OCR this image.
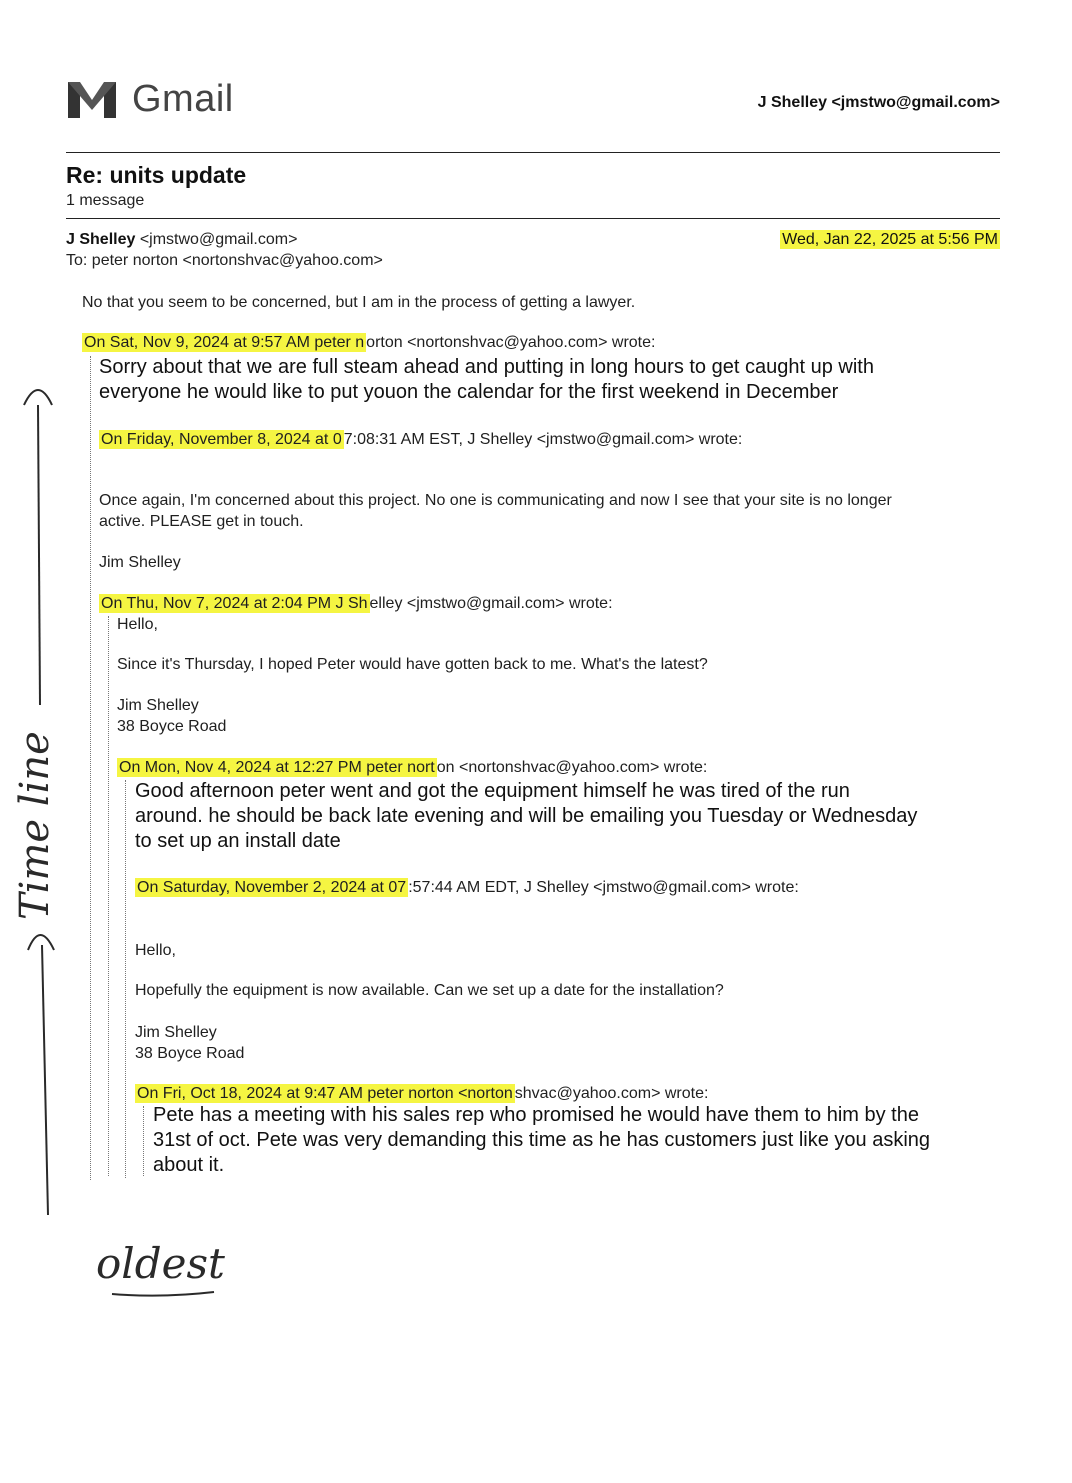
Gmail	J Shelley <jmstwo@gmail.com>
Re: units update
1 message
J Shelley <jmstwo@gmail.com>
To: peter norton <nortonshvac@yahoo.com>
Wed, Jan 22, 2025 at 5:56 PM
No that you seem to be concerned, but I am in the process of getting a lawyer.
On Sat, Nov 9, 2024 at 9:57 AM peter n orton <nortonshvac@yahoo.com> wrote:
Sorry about that we are full steam ahead and putting in long hours to get caught up with
everyone he would like to put youon the calendar for the first weekend in December
On Friday, November 8, 2024 at 0 7:08:31 AM EST, J Shelley <jmstwo@gmail.com> wrote:
Once again, I'm concerned about this project. No one is communicating and now I see that your site is no longer
active. PLEASE get in touch.
Jim Shelley
On Thu, Nov 7, 2024 at 2:04 PM J Sh elley <jmstwo@gmail.com> wrote:
Hello,
Since it's Thursday, I hoped Peter would have gotten back to me. What's the latest?
Jim Shelley
38 Boyce Road
On Mon, Nov 4, 2024 at 12:27 PM peter nort on <nortonshvac@yahoo.com> wrote:
Good afternoon peter went and got the equipment himself he was tired of the run
around. he should be back late evening and will be emailing you Tuesday or Wednesday
to set up an install date
On Saturday, November 2, 2024 at 07 :57:44 AM EDT, J Shelley <jmstwo@gmail.com> wrote:
Hello,
Hopefully the equipment is now available. Can we set up a date for the installation?
Jim Shelley
38 Boyce Road
On Fri, Oct 18, 2024 at 9:47 AM peter norton <norton shvac@yahoo.com> wrote:
Pete has a meeting with his sales rep who promised he would have them to him by the
31st of oct. Pete was very demanding this time as he has customers just like you asking
about it.
Time line
oldest
